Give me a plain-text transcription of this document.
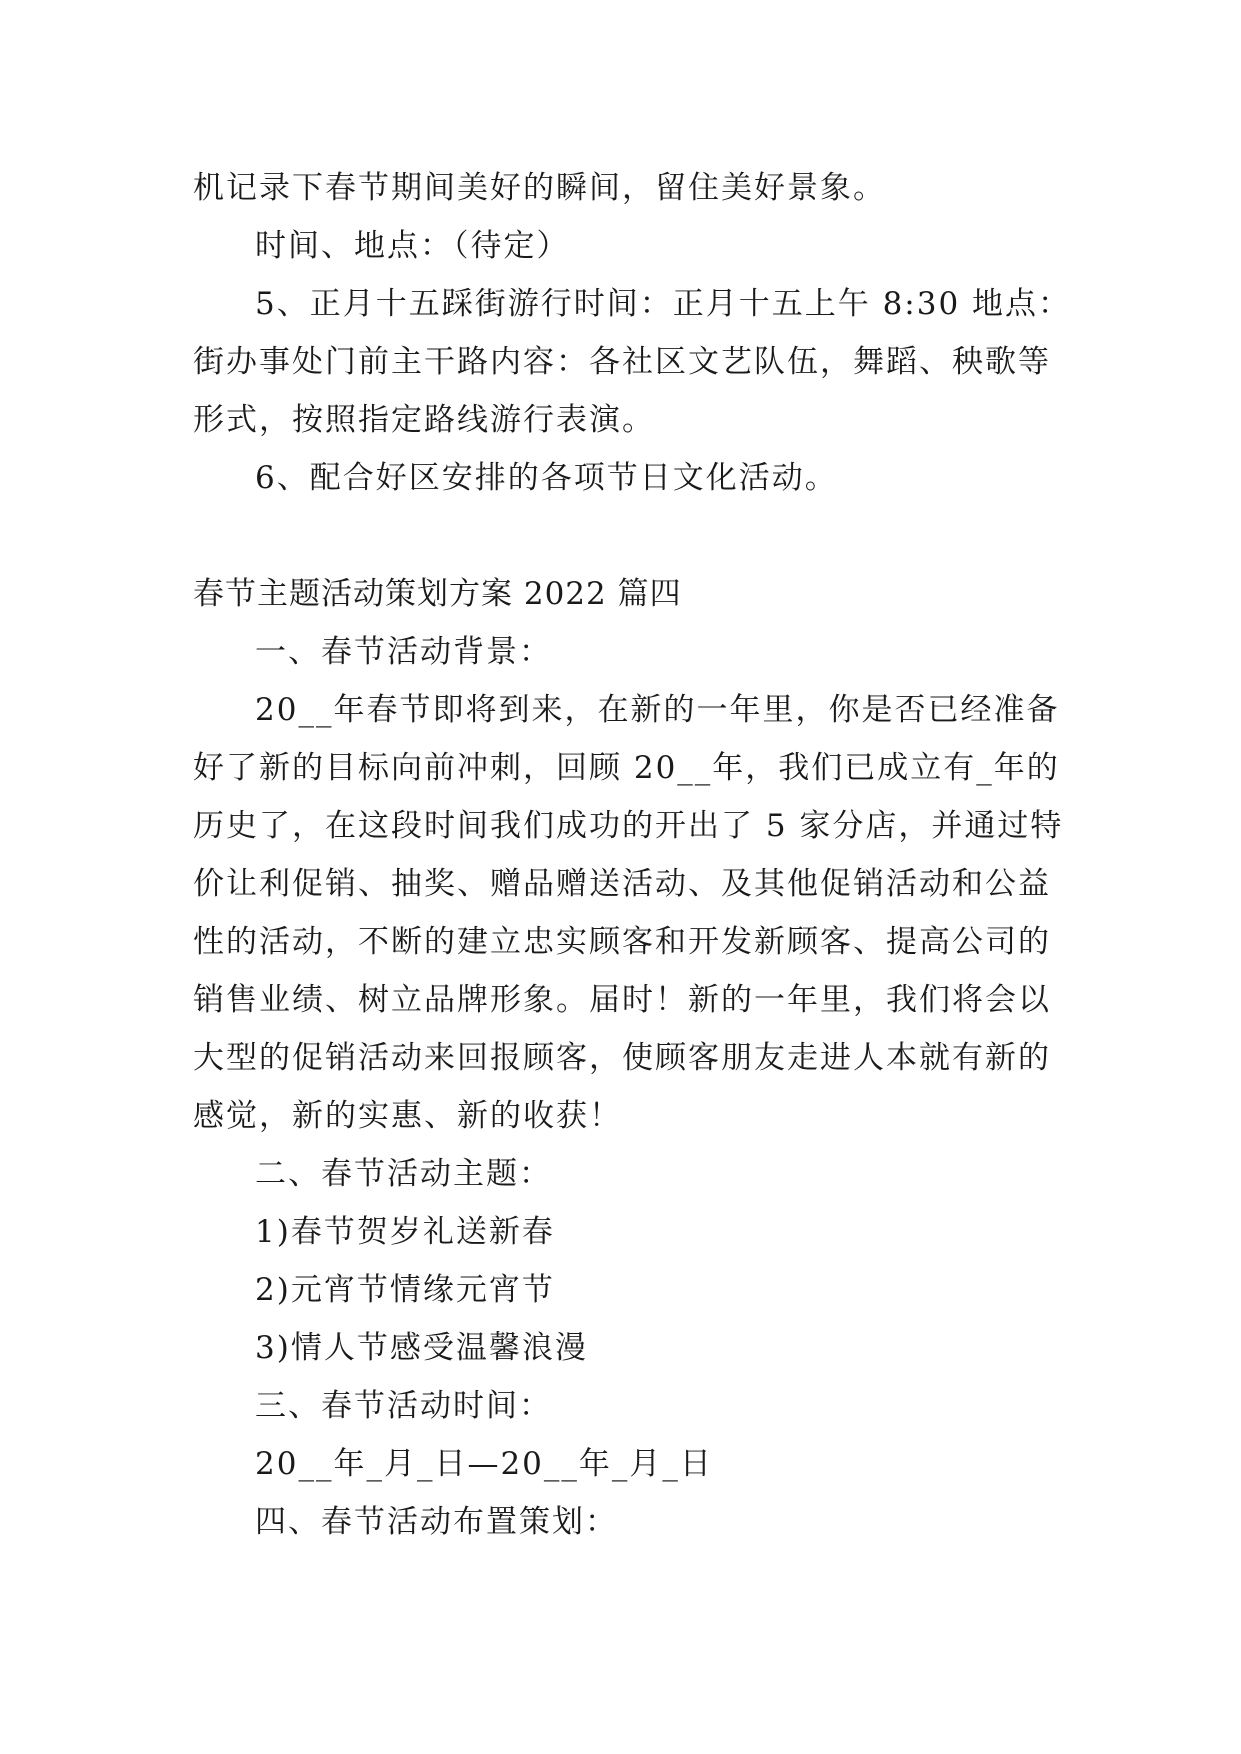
机记录下春节期间美好的瞬间，留住美好景象。
时间、地点：（待定）
5、正月十五踩街游行时间：正月十五上午 8:30 地点：
街办事处门前主干路内容：各社区文艺队伍，舞蹈、秧歌等
形式，按照指定路线游行表演。
6、配合好区安排的各项节日文化活动。
春节主题活动策划方案 2022 篇四
一、春节活动背景：
20__年春节即将到来，在新的一年里，你是否已经准备
好了新的目标向前冲刺，回顾 20__年，我们已成立有_年的
历史了，在这段时间我们成功的开出了 5 家分店，并通过特
价让利促销、抽奖、赠品赠送活动、及其他促销活动和公益
性的活动，不断的建立忠实顾客和开发新顾客、提高公司的
销售业绩、树立品牌形象。届时！新的一年里，我们将会以
大型的促销活动来回报顾客，使顾客朋友走进人本就有新的
感觉，新的实惠、新的收获！
二、春节活动主题：
1)春节贺岁礼送新春
2)元宵节情缘元宵节
3)情人节感受温馨浪漫
三、春节活动时间：
20__年_月_日—20__年_月_日
四、春节活动布置策划：
